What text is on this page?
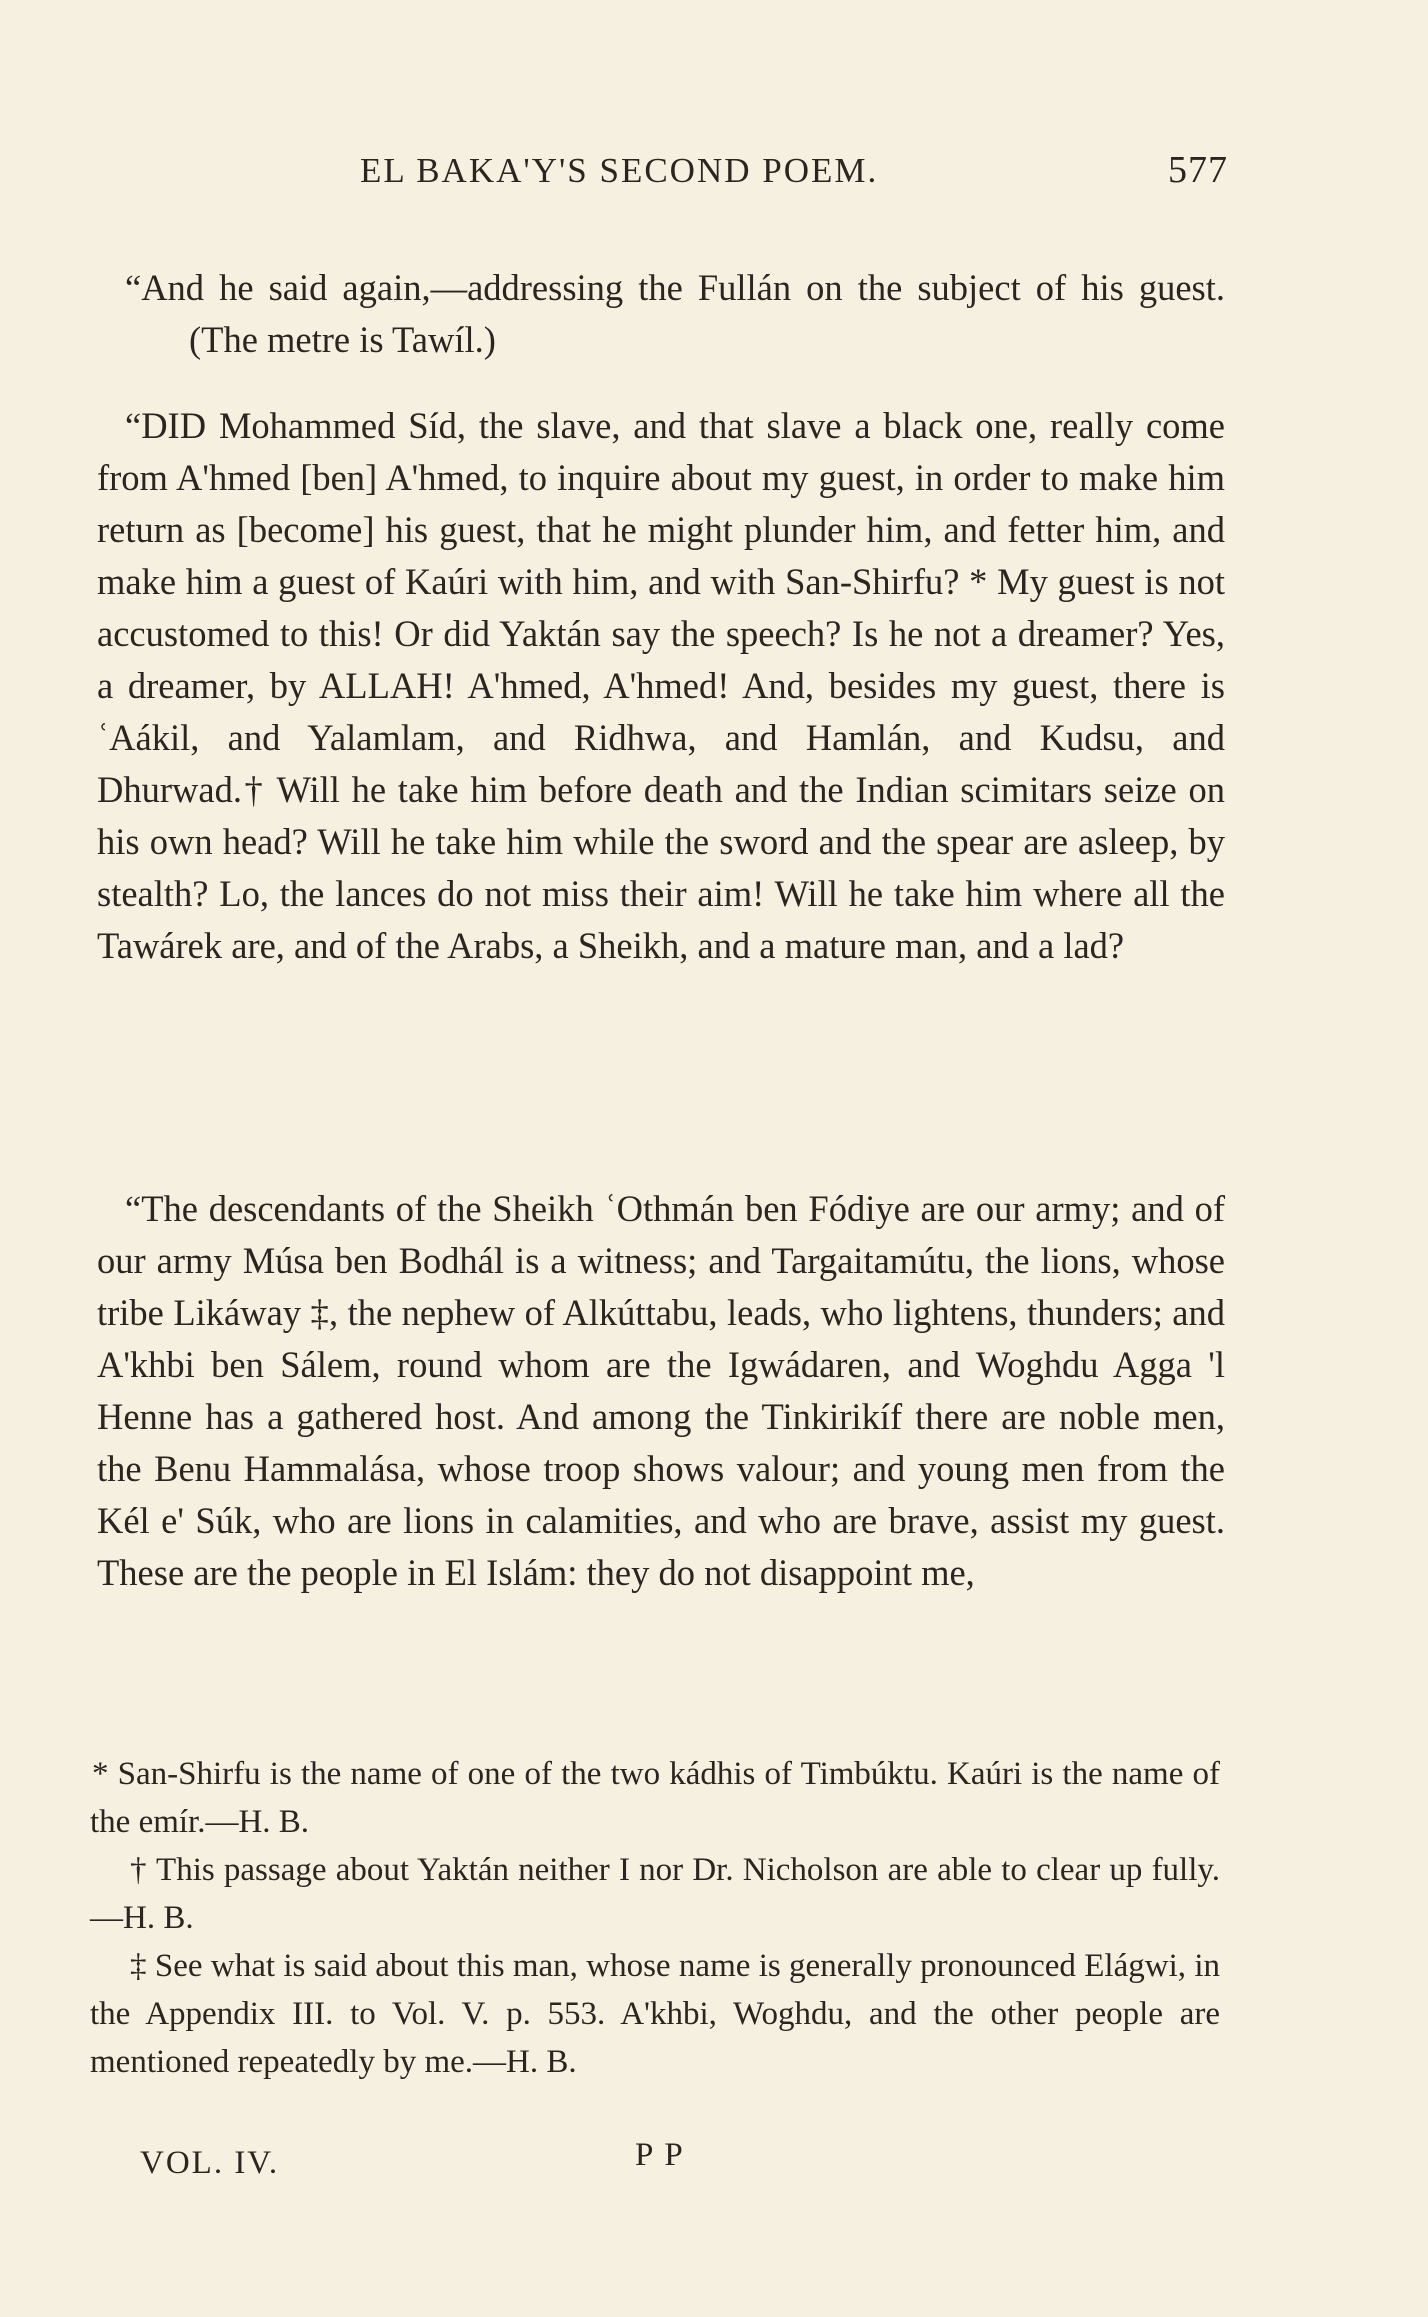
EL BAKA'Y'S SECOND POEM.	577

“And he said again,—addressing the Fullán on the subject of his guest. (The metre is Tawíl.)

“DID Mohammed Síd, the slave, and that slave a black one, really come from A'hmed [ben] A'hmed, to inquire about my guest, in order to make him return as [become] his guest, that he might plunder him, and fetter him, and make him a guest of Kaúri with him, and with San-Shirfu? * My guest is not accustomed to this! Or did Yaktán say the speech? Is he not a dreamer? Yes, a dreamer, by ALLAH! A'hmed, A'hmed! And, besides my guest, there is ʿAákil, and Yalamlam, and Ridhwa, and Hamlán, and Kudsu, and Dhurwad.† Will he take him before death and the Indian scimitars seize on his own head? Will he take him while the sword and the spear are asleep, by stealth? Lo, the lances do not miss their aim! Will he take him where all the Tawárek are, and of the Arabs, a Sheikh, and a mature man, and a lad?

“The descendants of the Sheikh ʿOthmán ben Fódiye are our army; and of our army Músa ben Bodhál is a witness; and Targaitamútu, the lions, whose tribe Likáway ‡, the nephew of Alkúttabu, leads, who lightens, thunders; and A'khbi ben Sálem, round whom are the Igwádaren, and Woghdu Agga 'l Henne has a gathered host. And among the Tinkirikíf there are noble men, the Benu Hammalása, whose troop shows valour; and young men from the Kél e' Súk, who are lions in calamities, and who are brave, assist my guest. These are the people in El Islám: they do not disappoint me,

* San-Shirfu is the name of one of the two kádhis of Timbúktu. Kaúri is the name of the emír.—H. B.

† This passage about Yaktán neither I nor Dr. Nicholson are able to clear up fully.—H. B.

‡ See what is said about this man, whose name is generally pronounced Elágwi, in the Appendix III. to Vol. V. p. 553. A'khbi, Woghdu, and the other people are mentioned repeatedly by me.—H. B.

VOL. IV.	P P
